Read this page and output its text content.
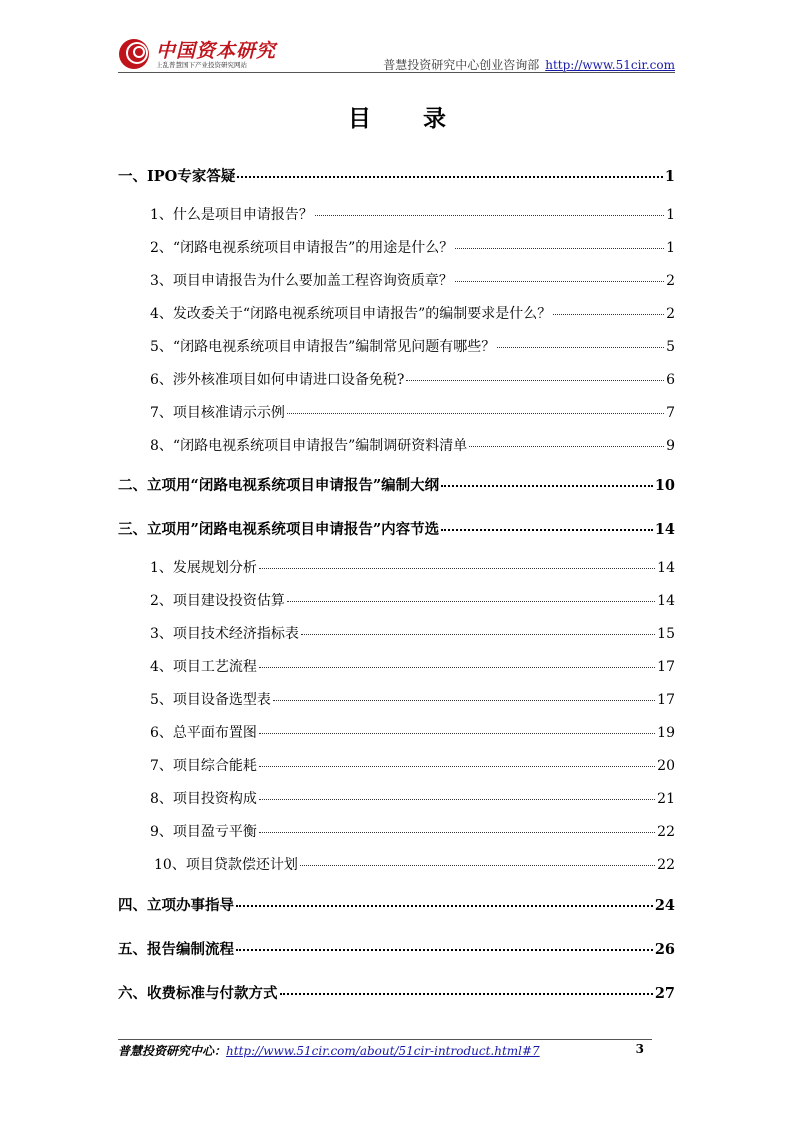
中国资本研究
上乱普慧国下产业投资研究网站	普慧投资研究中心创业咨询部 http://www.51cir.com
目 录
一、IPO专家答疑	1
1、什么是项目申请报告？	1
2、“闭路电视系统项目申请报告”的用途是什么？	1
3、项目申请报告为什么要加盖工程咨询资质章？	2
4、发改委关于“闭路电视系统项目申请报告”的编制要求是什么？	2
5、“闭路电视系统项目申请报告”编制常见问题有哪些？	5
6、涉外核准项目如何申请进口设备免税?	6
7、项目核准请示示例	7
8、“闭路电视系统项目申请报告”编制调研资料清单	9
二、立项用“闭路电视系统项目申请报告”编制大纲	10
三、立项用”闭路电视系统项目申请报告”内容节选	14
1、发展规划分析	14
2、项目建设投资估算	14
3、项目技术经济指标表	15
4、项目工艺流程	17
5、项目设备选型表	17
6、总平面布置图	19
7、项目综合能耗	20
8、项目投资构成	21
9、项目盈亏平衡	22
10、项目贷款偿还计划	22
四、立项办事指导	24
五、报告编制流程	26
六、收费标准与付款方式	27
普慧投资研究中心：http://www.51cir.com/about/51cir-introduct.html#7	3
